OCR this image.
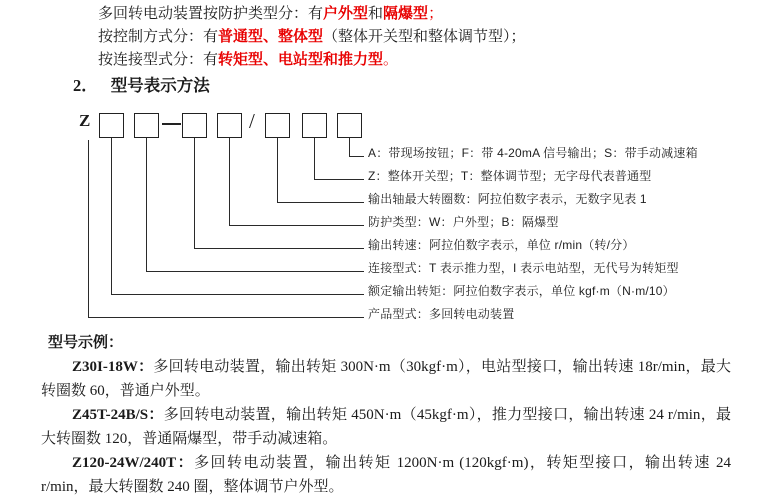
多回转电动装置按防护类型分：有户外型和隔爆型；
按控制方式分：有普通型、整体型（整体开关型和整体调节型）；
按连接型式分：有转矩型、电站型和推力型。
2． 型号表示方法
Z	/
A：带现场按钮；F：带 4-20mA 信号输出；S：带手动减速箱
Z：整体开关型；T：整体调节型；无字母代表普通型
输出轴最大转圈数：阿拉伯数字表示，无数字见表 1
防护类型：W：户外型；B：隔爆型
输出转速：阿拉伯数字表示，单位 r/min（转/分）
连接型式：T 表示推力型，I 表示电站型，无代号为转矩型
额定输出转矩：阿拉伯数字表示，单位 kgf·m（N·m/10）
产品型式：多回转电动装置
型号示例：

Z30I-18W：多回转电动装置，输出转矩 300N·m（30kgf·m），电站型接口，输出转速 18r/min，最大转圈数 60，普通户外型。

Z45T-24B/S：多回转电动装置，输出转矩 450N·m（45kgf·m），推力型接口，输出转速 24 r/min，最大转圈数 120，普通隔爆型，带手动减速箱。

Z120-24W/240T：多回转电动装置，输出转矩 1200N·m (120kgf·m)，转矩型接口，输出转速 24 r/min，最大转圈数 240 圈，整体调节户外型。
